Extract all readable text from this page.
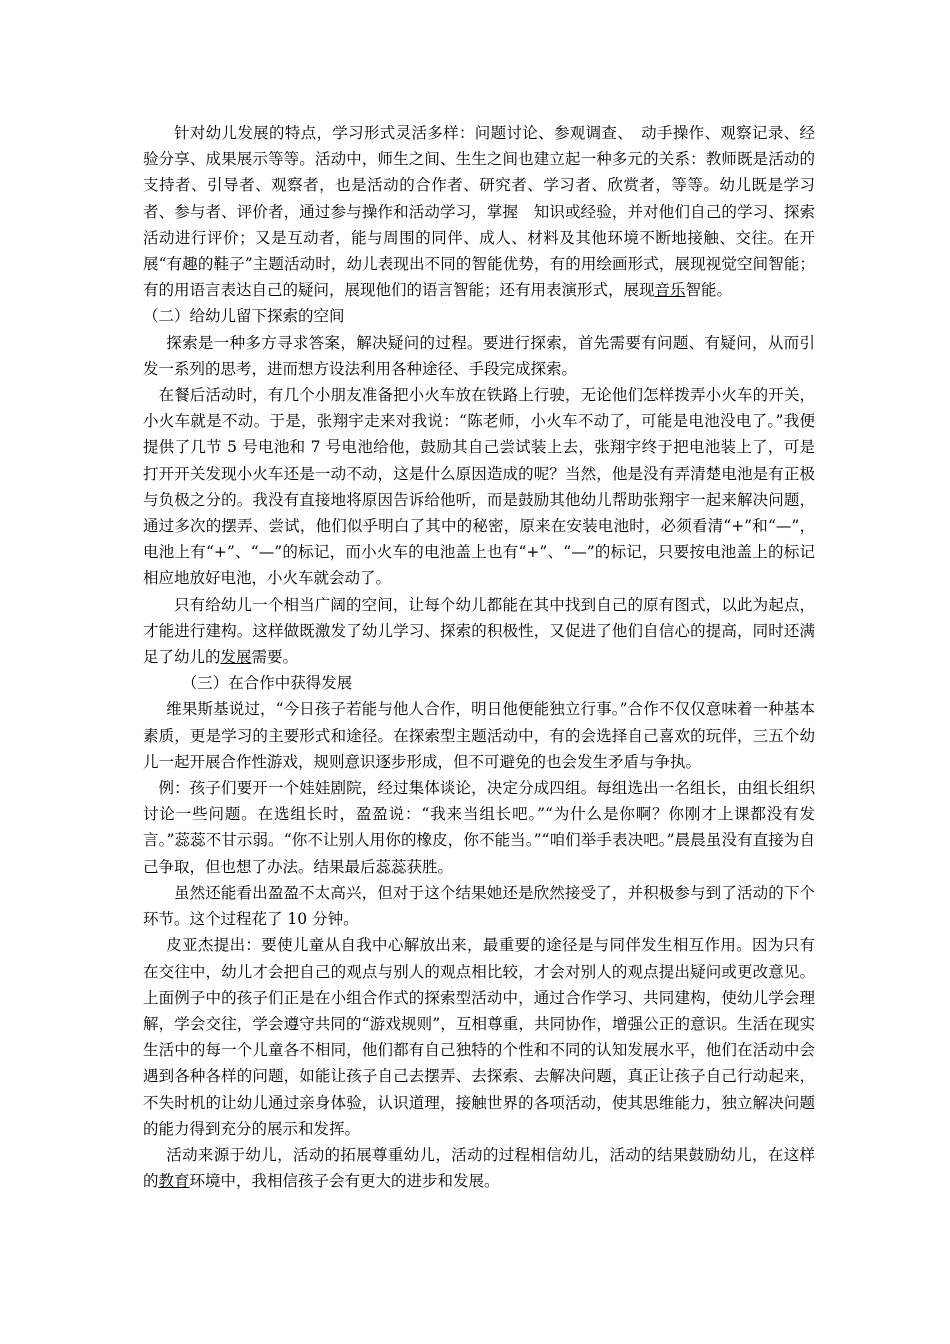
针对幼儿发展的特点，学习形式灵活多样：问题讨论、参观调查、　动手操作、观察记录、经验分享、成果展示等等。活动中，师生之间、生生之间也建立起一种多元的关系：教师既是活动的支持者、引导者、观察者，也是活动的合作者、研究者、学习者、欣赏者，等等。幼儿既是学习者、参与者、评价者，通过参与操作和活动学习，掌握　知识或经验，并对他们自己的学习、探索活动进行评价；又是互动者，能与周围的同伴、成人、材料及其他环境不断地接触、交往。在开展“有趣的鞋子”主题活动时，幼儿表现出不同的智能优势，有的用绘画形式，展现视觉空间智能；有的用语言表达自己的疑问，展现他们的语言智能；还有用表演形式，展现音乐智能。

（二）给幼儿留下探索的空间

探索是一种多方寻求答案，解决疑问的过程。要进行探索，首先需要有问题、有疑问，从而引发一系列的思考，进而想方设法利用各种途径、手段完成探索。

在餐后活动时，有几个小朋友准备把小火车放在铁路上行驶，无论他们怎样拨弄小火车的开关，小火车就是不动。于是，张翔宇走来对我说：“陈老师，小火车不动了，可能是电池没电了。”我便提供了几节 5 号电池和 7 号电池给他，鼓励其自己尝试装上去，张翔宇终于把电池装上了，可是打开开关发现小火车还是一动不动，这是什么原因造成的呢？当然，他是没有弄清楚电池是有正极与负极之分的。我没有直接地将原因告诉给他听，而是鼓励其他幼儿帮助张翔宇一起来解决问题，通过多次的摆弄、尝试，他们似乎明白了其中的秘密，原来在安装电池时，必须看清“+”和“—”，电池上有“+”、“—”的标记，而小火车的电池盖上也有“+”、“—”的标记，只要按电池盖上的标记相应地放好电池，小火车就会动了。

只有给幼儿一个相当广阔的空间，让每个幼儿都能在其中找到自己的原有图式，以此为起点，才能进行建构。这样做既激发了幼儿学习、探索的积极性，又促进了他们自信心的提高，同时还满足了幼儿的发展需要。

（三）在合作中获得发展

维果斯基说过，“今日孩子若能与他人合作，明日他便能独立行事。”合作不仅仅意味着一种基本素质，更是学习的主要形式和途径。在探索型主题活动中，有的会选择自己喜欢的玩伴，三五个幼儿一起开展合作性游戏，规则意识逐步形成，但不可避免的也会发生矛盾与争执。

例：孩子们要开一个娃娃剧院，经过集体谈论，决定分成四组。每组选出一名组长，由组长组织讨论一些问题。在选组长时，盈盈说：“我来当组长吧。”“为什么是你啊？你刚才上课都没有发言。”蕊蕊不甘示弱。“你不让别人用你的橡皮，你不能当。”“咱们举手表决吧。”晨晨虽没有直接为自己争取，但也想了办法。结果最后蕊蕊获胜。

虽然还能看出盈盈不太高兴，但对于这个结果她还是欣然接受了，并积极参与到了活动的下个环节。这个过程花了 10 分钟。

皮亚杰提出：要使儿童从自我中心解放出来，最重要的途径是与同伴发生相互作用。因为只有在交往中，幼儿才会把自己的观点与别人的观点相比较，才会对别人的观点提出疑问或更改意见。上面例子中的孩子们正是在小组合作式的探索型活动中，通过合作学习、共同建构，使幼儿学会理解，学会交往，学会遵守共同的“游戏规则”，互相尊重，共同协作，增强公正的意识。生活在现实生活中的每一个儿童各不相同，他们都有自己独特的个性和不同的认知发展水平，他们在活动中会遇到各种各样的问题，如能让孩子自己去摆弄、去探索、去解决问题，真正让孩子自己行动起来，不失时机的让幼儿通过亲身体验，认识道理，接触世界的各项活动，使其思维能力，独立解决问题的能力得到充分的展示和发挥。

活动来源于幼儿，活动的拓展尊重幼儿，活动的过程相信幼儿，活动的结果鼓励幼儿，在这样的教育环境中，我相信孩子会有更大的进步和发展。
